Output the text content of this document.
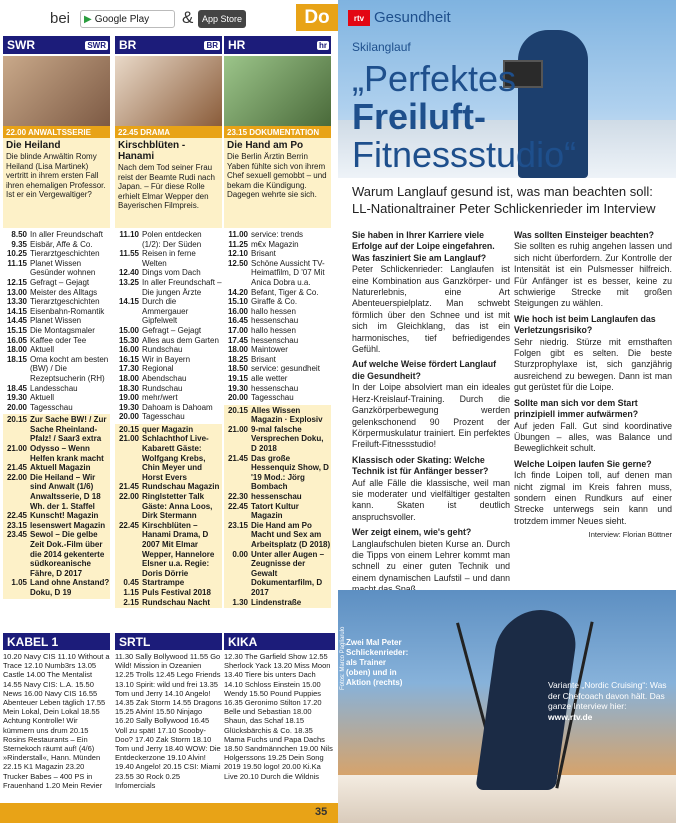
bei ▶ Google Play & App Store	Do
SWR	SWR
22.00 ANWALTSSERIE
Die Heiland
Die blinde Anwältin Romy Heiland (Lisa Martinek) vertritt in ihrem ersten Fall ihren ehemaligen Professor. Ist er ein Vergewaltiger?
8.50 In aller Freundschaft
9.35 Eisbär, Affe & Co.
10.25 Tierarztgeschichten
11.15 Planet Wissen Gesünder wohnen
12.15 Gefragt – Gejagt
13.00 Meister des Alltags
13.30 Tierarztgeschichten
14.15 Eisenbahn-Romantik
14.45 Planet Wissen
15.15 Die Montagsmaler
16.05 Kaffee oder Tee
18.00 Aktuell
18.15 Oma kocht am besten (BW) / Die Rezeptsucherin (RH)
18.45 Landesschau
19.30 Aktuell
20.00 Tagesschau
20.15 Zur Sache BW! / Zur Sache Rheinland-Pfalz! / Saar3 extra
21.00 Odysso – Wenn Helfen krank macht
21.45 Aktuell Magazin
22.00 Die Heiland – Wir sind Anwalt (1/6) Anwaltsserie, D 18 Wh. der 1. Staffel
22.45 Kunscht! Magazin
23.15 lesenswert Magazin
23.45 Sewol – Die gelbe Zeit Dok.-Film über die 2014 gekenterte südkoreanische Fähre, D 2017
1.05 Land ohne Anstand? Doku, D 19
BR	BR
22.45 DRAMA
Kirschblüten - Hanami
Nach dem Tod seiner Frau reist der Beamte Rudi nach Japan. – Für diese Rolle erhielt Elmar Wepper den Bayerischen Filmpreis.
11.10 Polen entdecken (1/2): Der Süden
11.55 Reisen in ferne Welten
12.40 Dings vom Dach
13.25 In aller Freundschaft – Die jungen Ärzte
14.15 Durch die Ammergauer Gipfelwelt
15.00 Gefragt – Gejagt
15.30 Alles aus dem Garten
16.00 Rundschau
16.15 Wir in Bayern
17.30 Regional
18.00 Abendschau
18.30 Rundschau
19.00 mehr/wert
19.30 Dahoam is Dahoam
20.00 Tagesschau
20.15 quer Magazin
21.00 Schlachthof Live-Kabarett Gäste: Wolfgang Krebs, Chin Meyer und Horst Evers
21.45 Rundschau Magazin
22.00 Ringlstetter Talk Gäste: Anna Loos, Dirk Stermann
22.45 Kirschblüten – Hanami Drama, D 2007 Mit Elmar Wepper, Hannelore Elsner u.a. Regie: Doris Dörrie
0.45 Startrampe
1.15 Puls Festival 2018
2.15 Rundschau Nacht
HR	hr
23.15 DOKUMENTATION
Die Hand am Po
Die Berlin Ärztin Berrin Yaben fühlte sich von ihrem Chef sexuell gemobbt – und bekam die Kündigung. Dagegen wehrte sie sich.
11.00 service: trends
11.25 m€x Magazin
12.10 Brisant
12.50 Schöne Aussicht TV-Heimatfilm, D '07 Mit Anica Dobra u.a.
14.20 Befant, Tiger & Co.
15.10 Giraffe & Co.
16.00 hallo hessen
16.45 hessenschau
17.00 hallo hessen
17.45 hessenschau
18.00 Maintower
18.25 Brisant
18.50 service: gesundheit
19.15 alle wetter
19.30 hessenschau
20.00 Tagesschau
20.15 Alles Wissen Magazin · Explosiv
21.00 9-mal falsche Versprechen Doku, D 2018
21.45 Das große Hessenquiz Show, D '19 Mod.: Jörg Bombach
22.30 hessenschau
22.45 Tatort Kultur Magazin
23.15 Die Hand am Po Macht und Sex am Arbeitsplatz (D 2018)
0.00 Unter aller Augen – Zeugnisse der Gewalt Dokumentarfilm, D 2017
1.30 Lindenstraße
KABEL 1	SRTL	KIKA
10.20 Navy CIS 11.10 Without a Trace 12.10 Numb3rs 13.05 Castle 14.00 The Mentalist 14.55 Navy CIS: L.A. 15.50 News 16.00 Navy CIS 16.55 Abenteuer Leben täglich 17.55 Mein Lokal, Dein Lokal 18.55 Achtung Kontrolle! Wir kümmern uns drum 20.15 Rosins Restaurants – Ein Sternekoch räumt auf! (4/6) »Rinderstall«, Hann. Münden 22.15 K1 Magazin 23.20 Trucker Babes – 400 PS in Frauenhand 1.20 Mein Revier
11.30 Sally Bollywood 11.55 Go Wild! Mission in Ozeanien 12.25 Trolls 12.45 Lego Friends 13.10 Spirit: wild und frei 13.35 Tom und Jerry 14.10 Angelo! 14.35 Zak Storm 14.55 Dragons 15.25 Alvin! 15.50 Ninjago 16.20 Sally Bollywood 16.45 Voll zu spät! 17.10 Scooby-Doo? 17.40 Zak Storm 18.10 Tom und Jerry 18.40 WOW: Die Entdeckerzone 19.10 Alvin! 19.40 Angelo! 20.15 CSI: Miami 23.55 30 Rock 0.25 Infomercials
12.30 The Garfield Show 12.55 Sherlock Yack 13.20 Miss Moon 13.40 Tiere bis unters Dach 14.10 Schloss Einstein 15.00 Wendy 15.50 Pound Puppies 16.35 Geronimo Stilton 17.20 Belle und Sebastian 18.00 Shaun, das Schaf 18.15 Glücksbärchis & Co. 18.35 Mama Fuchs und Papa Dachs 18.50 Sandmännchen 19.00 Nils Holgerssons 19.25 Dein Song 2019 19.50 logo! 20.00 Ki.Ka Live 20.10 Durch die Wildnis
35
rtv Gesundheit
Skilanglauf
„Perfektes
Freiluft-
Fitnessstudio“
Warum Langlauf gesund ist, was man beachten soll: LL-Nationaltrainer Peter Schlickenrieder im Interview
Sie haben in Ihrer Karriere viele Erfolge auf der Loipe eingefahren. Was fasziniert Sie am Langlauf?

Peter Schlickenrieder: Langlaufen ist eine Kombination aus Ganzkörper- und Naturerlebnis, eine Art Abenteuerspielplatz. Man schwebt förmlich über den Schnee und ist mit sich im Gleichklang, das ist ein harmonisches, tief befriedigendes Gefühl.

Auf welche Weise fördert Langlauf die Gesundheit?

In der Loipe absolviert man ein ideales Herz-Kreislauf-Training. Durch die Ganzkörperbewegung werden gelenkschonend 90 Prozent der Körpermuskulatur trainiert. Ein perfektes Freiluft-Fitnessstudio!

Klassisch oder Skating: Welche Technik ist für Anfänger besser?

Auf alle Fälle die klassische, weil man sie moderater und vielfältiger gestalten kann. Skaten ist deutlich anspruchsvoller.

Wer zeigt einem, wie's geht?

Langlaufschulen bieten Kurse an. Durch die Tipps von einem Lehrer kommt man schnell zu einer guten Technik und einem dynamischen Laufstil – und dann

Was sollten Einsteiger beachten?

Sie sollten es ruhig angehen lassen und sich nicht überfordern. Zur Kontrolle der Intensität ist ein Pulsmesser hilfreich. Für Anfänger ist es besser, keine zu schwierige Strecke mit großen Steigungen zu wählen.

Wie hoch ist beim Langlaufen das Verletzungsrisiko?

Sehr niedrig. Stürze mit ernsthaften Folgen gibt es selten. Die beste Sturzprophylaxe ist, sich ganzjährig ausreichend zu bewegen. Dann ist man gut gerüstet für die Loipe.

Sollte man sich vor dem Start prinzipiell immer aufwärmen?

Auf jeden Fall. Gut sind koordinative Übungen – alles, was Balance und Beweglichkeit schult.

Welche Loipen laufen Sie gerne?

Ich finde Loipen toll, auf denen man nicht zigmal im Kreis fahren muss, sondern einen Rundkurs auf einer Strecke unterwegs sein kann und trotzdem immer Neues sieht.

Interview: Florian Büttner
Zwei Mal Peter Schlickenrieder: als Trainer (oben) und in Aktion (rechts)
Fotos: Marco Pagliarulo	Variante „Nordic Cruising“: Was der Chefcoach davon hält. Das ganze Interview hier: www.rtv.de
